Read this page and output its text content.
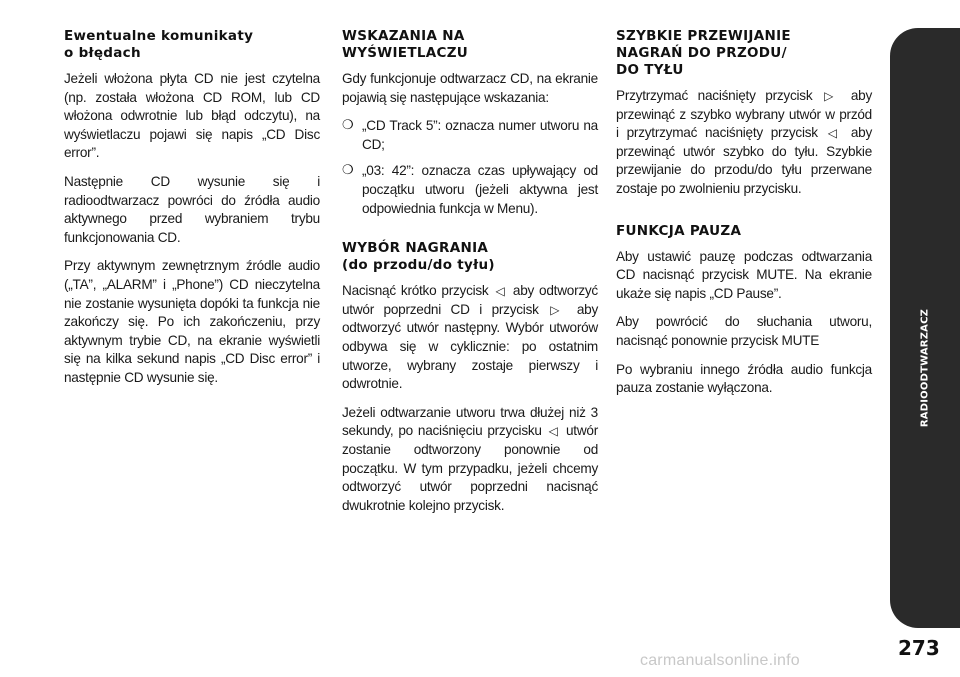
Ewentualne komunikaty
o błędach

Jeżeli włożona płyta CD nie jest czytelna (np. została włożona CD ROM, lub CD włożona odwrotnie lub błąd odczytu), na wyświetlaczu pojawi się napis „CD Disc error”.

Następnie CD wysunie się i radioodtwarzacz powróci do źródła audio aktywnego przed wybraniem trybu funkcjonowania CD.

Przy aktywnym zewnętrznym źródle audio („TA”, „ALARM” i „Phone”) CD nieczytelna nie zostanie wysunięta dopóki ta funkcja nie zakończy się. Po ich zakończeniu, przy aktywnym trybie CD, na ekranie wyświetli się na kilka sekund napis „CD Disc error” i następnie CD wysunie się.

WSKAZANIA NA
WYŚWIETLACZU

Gdy funkcjonuje odtwarzacz CD, na ekranie pojawią się następujące wskazania:

❍ „CD Track 5”: oznacza numer utworu na CD;
❍ „03: 42”: oznacza czas upływający od początku utworu (jeżeli aktywna jest odpowiednia funkcja w Menu).
WYBÓR NAGRANIA
(do przodu/do tyłu)

Nacisnąć krótko przycisk ◁ aby odtworzyć utwór poprzedni CD i przycisk ▷ aby odtworzyć utwór następny. Wybór utworów odbywa się w cyklicznie: po ostatnim utworze, wybrany zostaje pierwszy i odwrotnie.

Jeżeli odtwarzanie utworu trwa dłużej niż 3 sekundy, po naciśnięciu przycisku ◁ utwór zostanie odtworzony ponownie od początku. W tym przypadku, jeżeli chcemy odtworzyć utwór poprzedni nacisnąć dwukrotnie kolejno przycisk.

SZYBKIE PRZEWIJANIE
NAGRAŃ DO PRZODU/
DO TYŁU

Przytrzymać naciśnięty przycisk ▷ aby przewinąć z szybko wybrany utwór w przód i przytrzymać naciśnięty przycisk ◁ aby przewinąć utwór szybko do tyłu. Szybkie przewijanie do przodu/do tyłu przerwane zostaje po zwolnieniu przycisku.

FUNKCJA PAUZA

Aby ustawić pauzę podczas odtwarzania CD nacisnąć przycisk MUTE. Na ekranie ukaże się napis „CD Pause”.

Aby powrócić do słuchania utworu, nacisnąć ponownie przycisk MUTE

Po wybraniu innego źródła audio funkcja pauza zostanie wyłączona.	RADIOODTWARZACZ
273
carmanualsonline.info
